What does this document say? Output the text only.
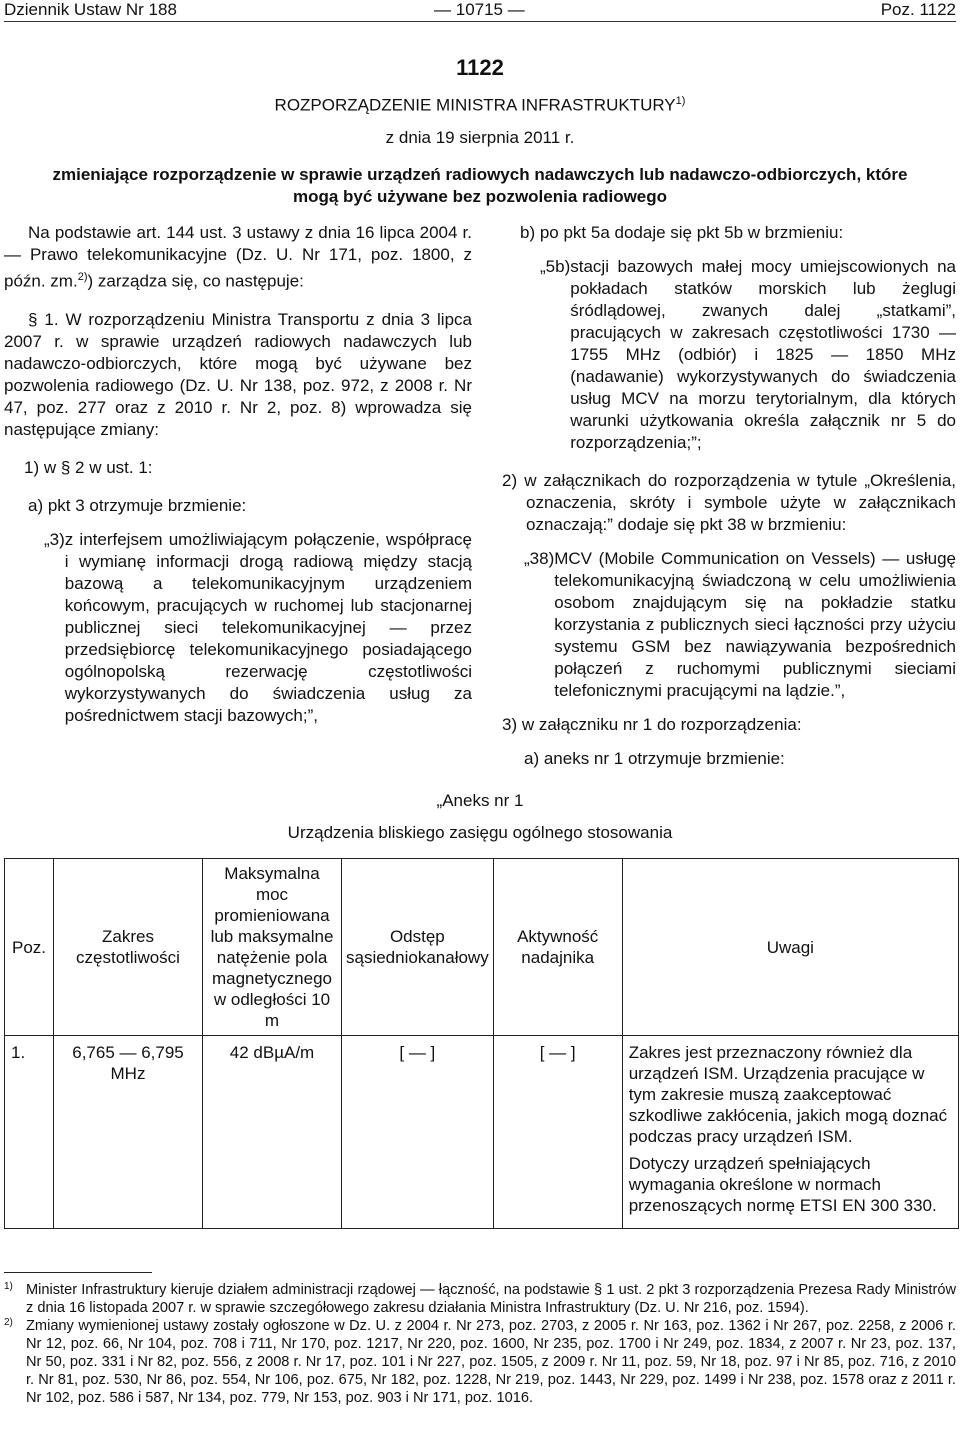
Dziennik Ustaw Nr 188	— 10715 —	Poz. 1122
1122
ROZPORZĄDZENIE MINISTRA INFRASTRUKTURY$^{1)}$
z dnia 19 sierpnia 2011 r.
zmieniające rozporządzenie w sprawie urządzeń radiowych nadawczych lub nadawczo-odbiorczych, które mogą być używane bez pozwolenia radiowego

Na podstawie art. 144 ust. 3 ustawy z dnia 16 lipca 2004 r. — Prawo telekomunikacyjne (Dz. U. Nr 171, poz. 1800, z późn. zm.$^{2)}$) zarządza się, co następuje:

§ 1. W rozporządzeniu Ministra Transportu z dnia 3 lipca 2007 r. w sprawie urządzeń radiowych nadawczych lub nadawczo-odbiorczych, które mogą być używane bez pozwolenia radiowego (Dz. U. Nr 138, poz. 972, z 2008 r. Nr 47, poz. 277 oraz z 2010 r. Nr 2, poz. 8) wprowadza się następujące zmiany:

1) w § 2 w ust. 1:

a) pkt 3 otrzymuje brzmienie:

„3) z interfejsem umożliwiającym połączenie, współpracę i wymianę informacji drogą radiową między stacją bazową a telekomunikacyjnym urządzeniem końcowym, pracujących w ruchomej lub stacjonarnej publicznej sieci telekomunikacyjnej — przez przedsiębiorcę telekomunikacyjnego posiadającego ogólnopolską rezerwację częstotliwości wykorzystywanych do świadczenia usług za pośrednictwem stacji bazowych;”,

b) po pkt 5a dodaje się pkt 5b w brzmieniu:

„5b) stacji bazowych małej mocy umiejscowionych na pokładach statków morskich lub żeglugi śródlądowej, zwanych dalej „statkami”, pracujących w zakresach częstotliwości 1730 — 1755 MHz (odbiór) i 1825 — 1850 MHz (nadawanie) wykorzystywanych do świadczenia usług MCV na morzu terytorialnym, dla których warunki użytkowania określa załącznik nr 5 do rozporządzenia;”;

2) w załącznikach do rozporządzenia w tytule „Określenia, oznaczenia, skróty i symbole użyte w załącznikach oznaczają:” dodaje się pkt 38 w brzmieniu:

„38) MCV (Mobile Communication on Vessels) — usługę telekomunikacyjną świadczoną w celu umożliwienia osobom znajdującym się na pokładzie statku korzystania z publicznych sieci łączności przy użyciu systemu GSM bez nawiązywania bezpośrednich połączeń z ruchomymi publicznymi sieciami telefonicznymi pracującymi na lądzie.”,

3) w załączniku nr 1 do rozporządzenia:

a) aneks nr 1 otrzymuje brzmienie:

„Aneks nr 1
Urządzenia bliskiego zasięgu ogólnego stosowania
Poz.	Zakres częstotliwości	Maksymalna moc promieniowana lub maksymalne natężenie pola magnetycznego w odległości 10 m	Odstęp sąsiedniokanałowy	Aktywność nadajnika	Uwagi
1.	6,765 — 6,795 MHz	42 dBµA/m	[ — ]	[ — ]	Zakres jest przeznaczony również dla urządzeń ISM. Urządzenia pracujące w tym zakresie muszą zaakceptować szkodliwe zakłócenia, jakich mogą doznać podczas pracy urządzeń ISM.

Dotyczy urządzeń spełniających wymagania określone w normach przenoszących normę ETSI EN 300 330.

1) Minister Infrastruktury kieruje działem administracji rządowej — łączność, na podstawie § 1 ust. 2 pkt 3 rozporządzenia Prezesa Rady Ministrów z dnia 16 listopada 2007 r. w sprawie szczegółowego zakresu działania Ministra Infrastruktury (Dz. U. Nr 216, poz. 1594).
2) Zmiany wymienionej ustawy zostały ogłoszone w Dz. U. z 2004 r. Nr 273, poz. 2703, z 2005 r. Nr 163, poz. 1362 i Nr 267, poz. 2258, z 2006 r. Nr 12, poz. 66, Nr 104, poz. 708 i 711, Nr 170, poz. 1217, Nr 220, poz. 1600, Nr 235, poz. 1700 i Nr 249, poz. 1834, z 2007 r. Nr 23, poz. 137, Nr 50, poz. 331 i Nr 82, poz. 556, z 2008 r. Nr 17, poz. 101 i Nr 227, poz. 1505, z 2009 r. Nr 11, poz. 59, Nr 18, poz. 97 i Nr 85, poz. 716, z 2010 r. Nr 81, poz. 530, Nr 86, poz. 554, Nr 106, poz. 675, Nr 182, poz. 1228, Nr 219, poz. 1443, Nr 229, poz. 1499 i Nr 238, poz. 1578 oraz z 2011 r. Nr 102, poz. 586 i 587, Nr 134, poz. 779, Nr 153, poz. 903 i Nr 171, poz. 1016.
